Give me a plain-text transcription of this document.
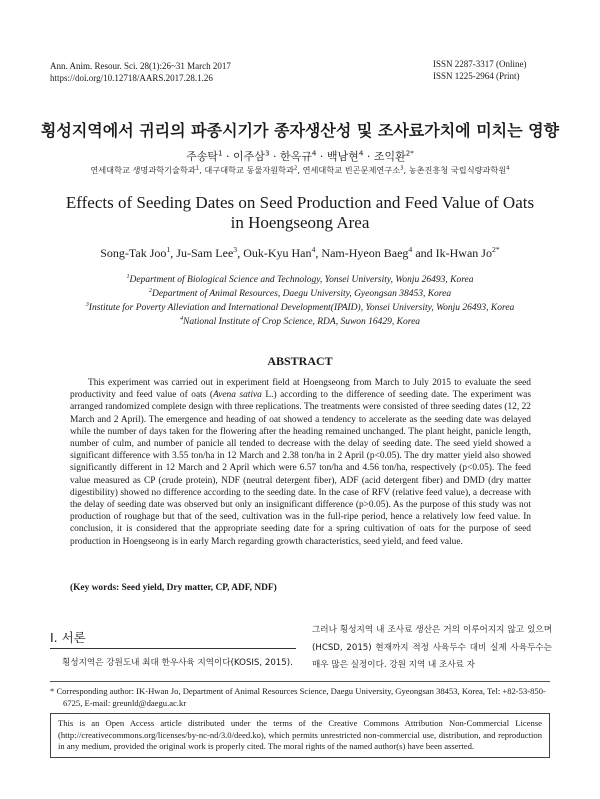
Ann. Anim. Resour. Sci. 28(1):26~31 March 2017
https://doi.org/10.12718/AARS.2017.28.1.26
ISSN 2287-3317 (Online)
ISSN 1225-2964 (Print)
횡성지역에서 귀리의 파종시기가 종자생산성 및 조사료가치에 미치는 영향
주송탁$^1$ · 이주삼$^3$ · 한옥규$^4$ · 백남현$^4$ · 조익환$^{2*}$
연세대학교 생명과학기술학과$^1$, 대구대학교 동물자원학과$^2$, 연세대학교 빈곤문제연구소$^3$, 농촌진흥청 국립식량과학원$^4$
Effects of Seeding Dates on Seed Production and Feed Value of Oats
in Hoengseong Area
Song-Tak Joo$^1$, Ju-Sam Lee$^3$, Ouk-Kyu Han$^4$, Nam-Hyeon Baeg$^4$ and Ik-Hwan $Jo^{2*}$
$^1$Department of Biological Science and Technology, Yonsei University, Wonju 26493, Korea
$^2$Department of Animal Resources, Daegu University, Gyeongsan 38453, Korea
$^3$Institute for Poverty Alleviation and International Development(IPAID), Yonsei University, Wonju 26493, Korea
$^4$National Institute of Crop Science, RDA, Suwon 16429, Korea
ABSTRACT
This experiment was carried out in experiment field at Hoengseong from March to July 2015 to evaluate the seed productivity and feed value of oats (Avena sativa L.) according to the difference of seeding date. The experiment was arranged randomized complete design with three replications. The treatments were consisted of three seeding dates (12, 22 March and 2 April). The emergence and heading of oat showed a tendency to accelerate as the seeding date was delayed while the number of days taken for the flowering after the heading remained unchanged. The plant height, panicle length, number of culm, and number of panicle all tended to decrease with the delay of seeding date. The seed yield showed a significant difference with 3.55 ton/ha in 12 March and 2.38 ton/ha in 2 April (p<0.05). The dry matter yield also showed significantly different in 12 March and 2 April which were 6.57 ton/ha and 4.56 ton/ha, respectively (p<0.05). The feed value measured as CP (crude protein), NDF (neutral detergent fiber), ADF (acid detergent fiber) and DMD (dry matter digestibility) showed no difference according to the seeding date. In the case of RFV (relative feed value), a decrease with the delay of seeding date was observed but only an insignificant difference (p>0.05). As the purpose of this study was not production of roughage but that of the seed, cultivation was in the full-ripe period, hence a relatively low feed value. In conclusion, it is considered that the appropriate seeding date for a spring cultivation of oats for the purpose of seed production in Hoengseong is in early March regarding growth characteristics, seed yield, and feed value.
(Key words: Seed yield, Dry matter, CP, ADF, NDF)
Ⅰ. 서론
횡성지역은 강원도내 최대 한우사육 지역이다(KOSIS, 2015).
그러나 횡성지역 내 조사료 생산은 거의 이루어지지 않고 있으며(HCSD, 2015) 현재까지 적정 사육두수 대비 실제 사육두수는 매우 많은 실정이다. 강원 지역 내 조사료 자
* Corresponding author: IK-Hwan Jo, Department of Animal Resources Science, Daegu University, Gyeongsan 38453, Korea, Tel: +82-53-850-6725, E-mail: greunld@daegu.ac.kr
This is an Open Access article distributed under the terms of the Creative Commons Attribution Non-Commercial License (http://creativecommons.org/licenses/by-nc-nd/3.0/deed.ko), which permits unrestricted non-commercial use, distribution, and reproduction in any medium, provided the original work is properly cited. The moral rights of the named author(s) have been asserted.
